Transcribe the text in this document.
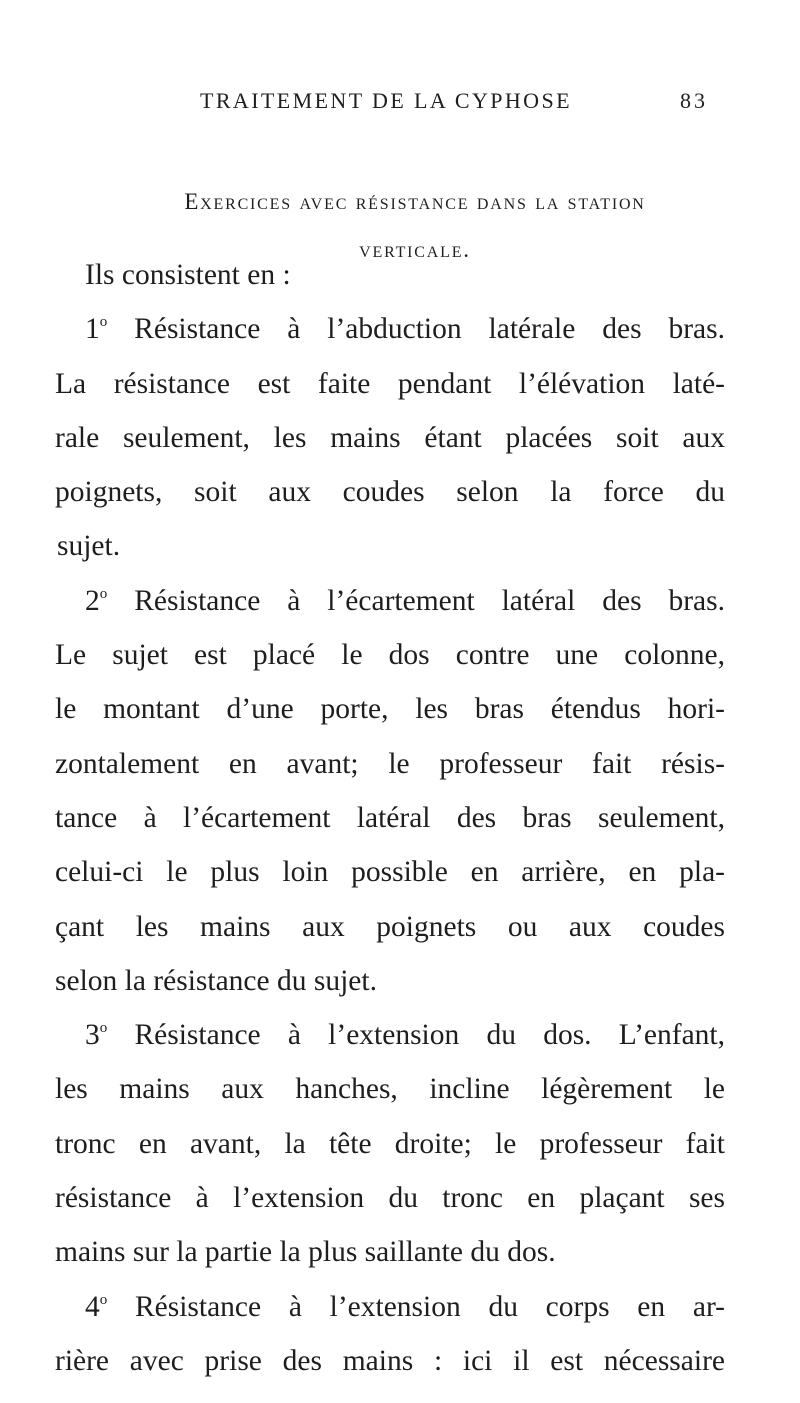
TRAITEMENT DE LA CYPHOSE	83
Exercices avec résistance dans la station
verticale.
Ils consistent en :
1$^o$ Résistance à l’abduction latérale des bras.
La résistance est faite pendant l’élévation laté-
rale seulement, les mains étant placées soit aux
poignets, soit aux coudes selon la force du
sujet.
2$^o$ Résistance à l’écartement latéral des bras.
Le sujet est placé le dos contre une colonne,
le montant d’une porte, les bras étendus hori-
zontalement en avant; le professeur fait résis-
tance à l’écartement latéral des bras seulement,
celui-ci le plus loin possible en arrière, en pla-
çant les mains aux poignets ou aux coudes
selon la résistance du sujet.
3$^o$ Résistance à l’extension du dos. L’enfant,
les mains aux hanches, incline légèrement le
tronc en avant, la tête droite; le professeur fait
résistance à l’extension du tronc en plaçant ses
mains sur la partie la plus saillante du dos.
4$^o$ Résistance à l’extension du corps en ar-
rière avec prise des mains : ici il est nécessaire
